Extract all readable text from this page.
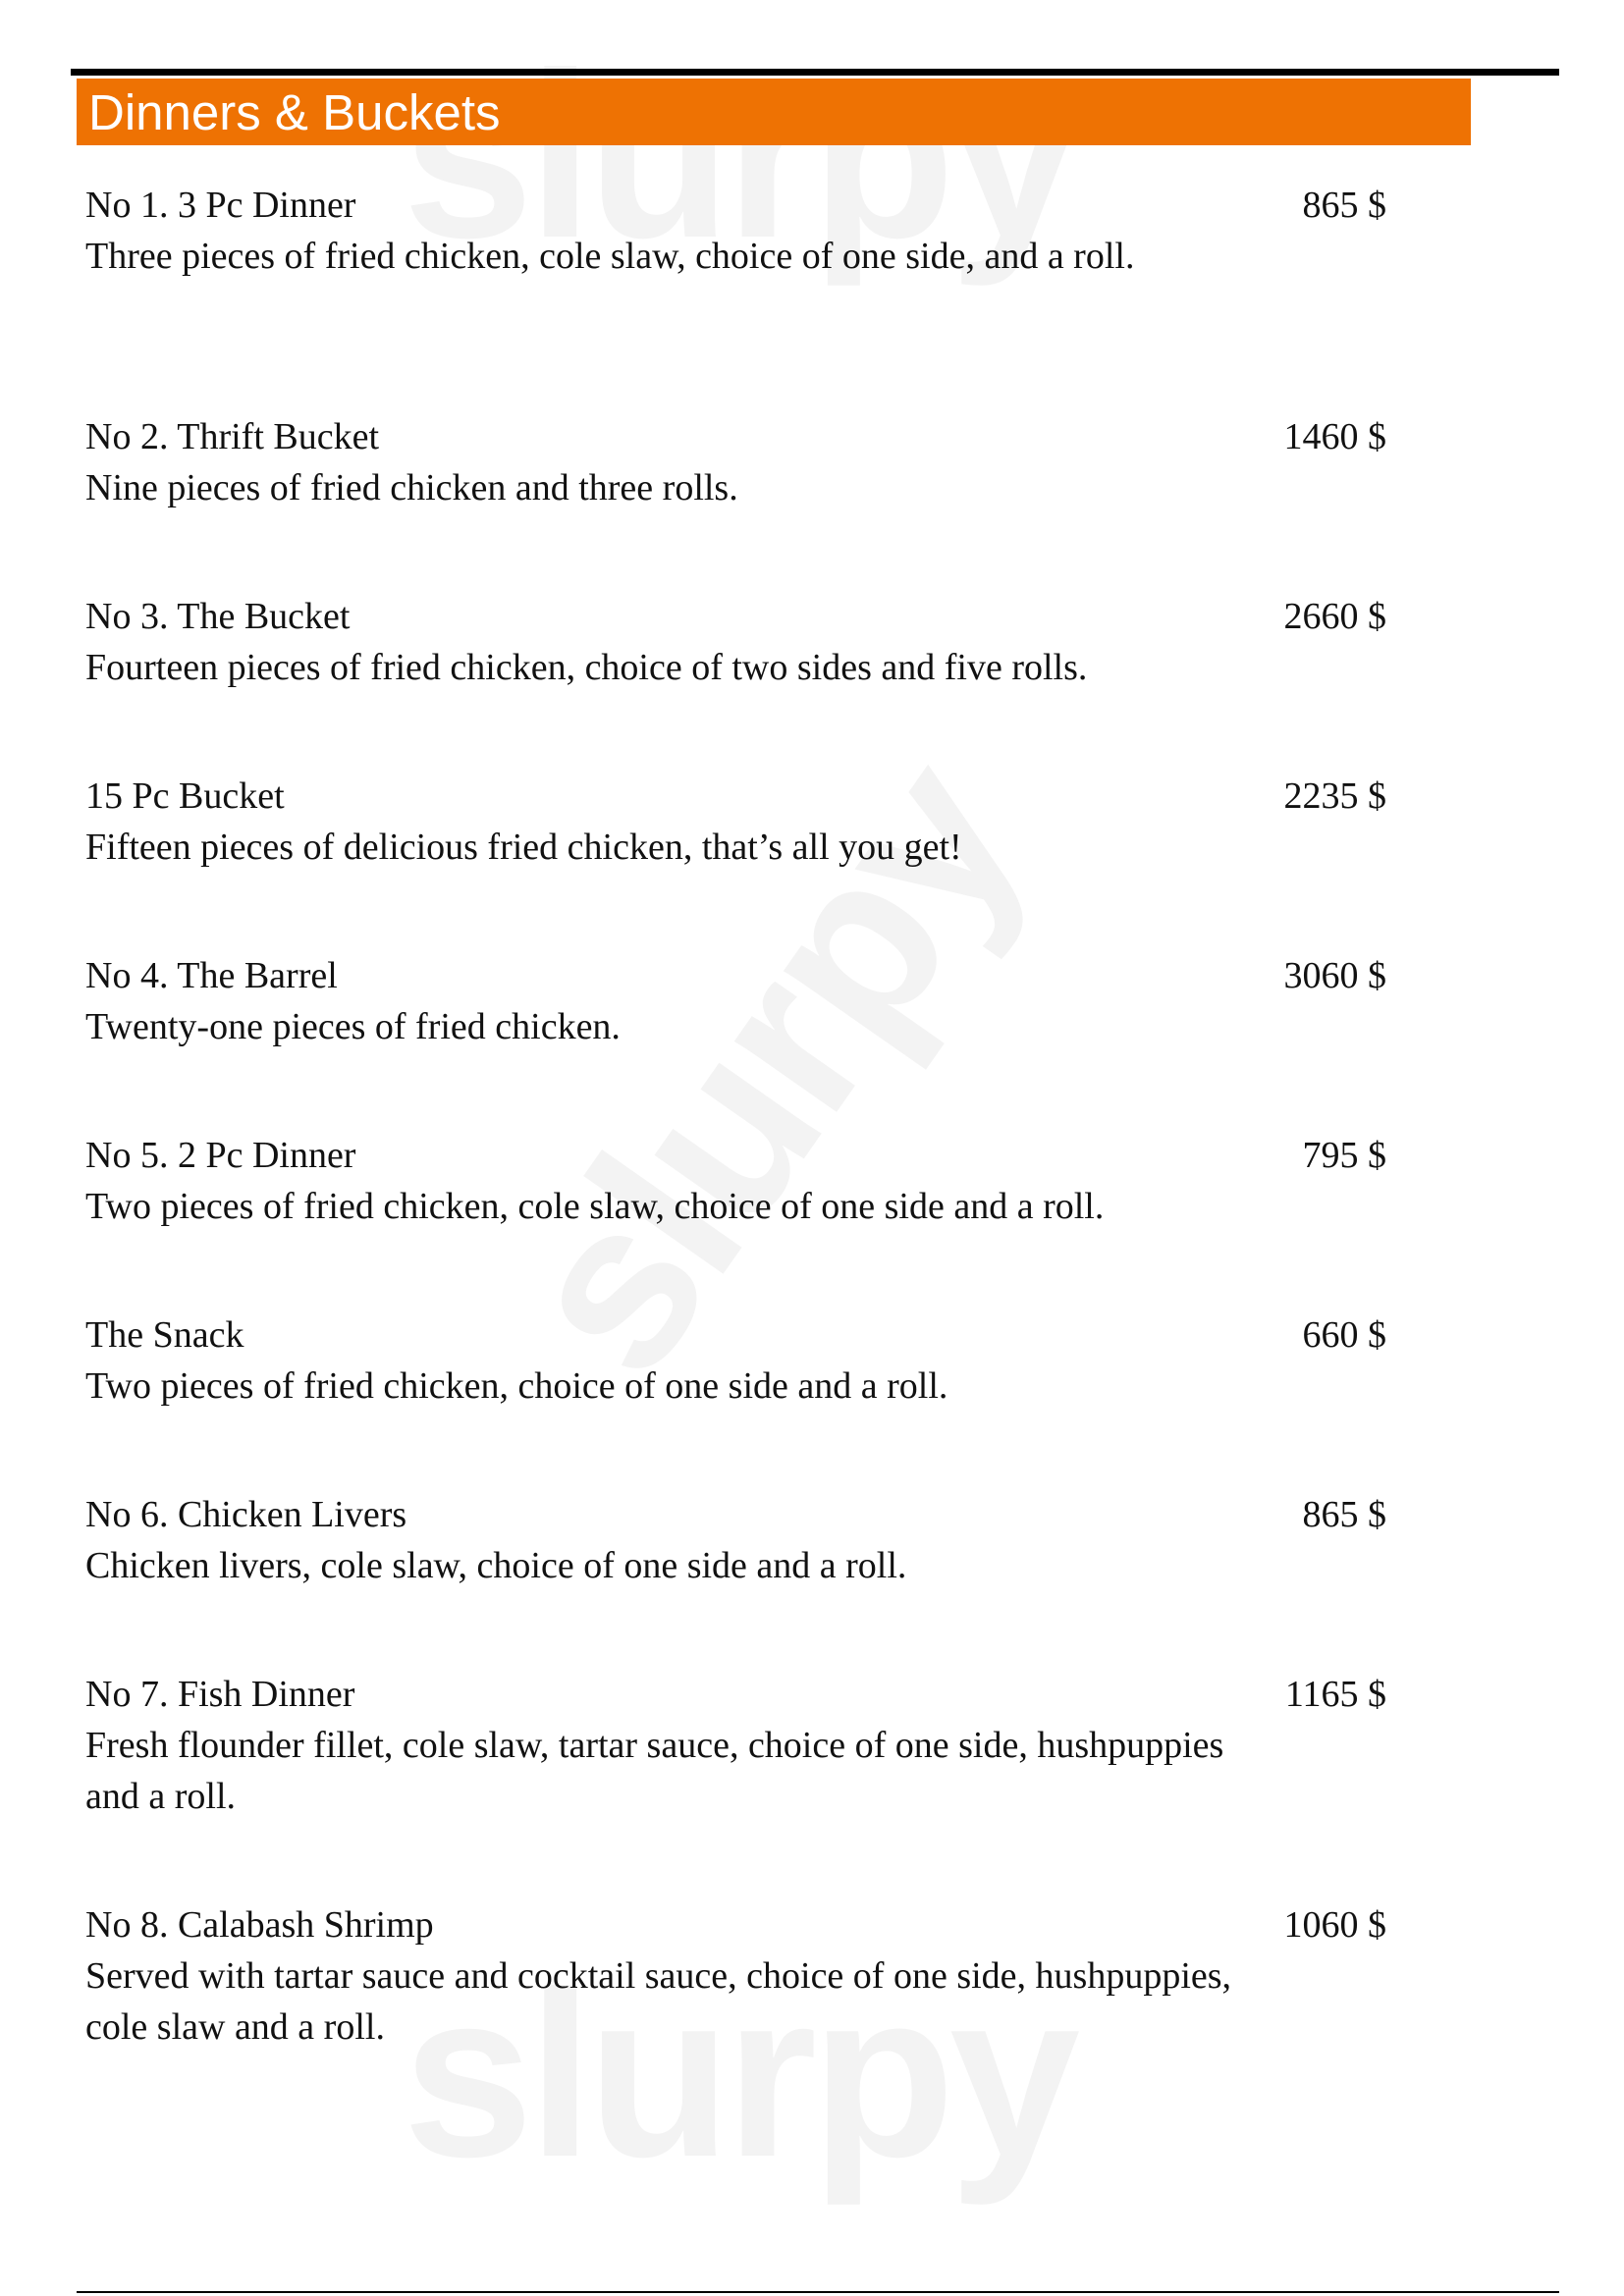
Dinners & Buckets

No 1. 3 Pc Dinner

Three pieces of fried chicken, cole slaw, choice of one side, and a roll.

865 $

No 2. Thrift Bucket

Nine pieces of fried chicken and three rolls.

1460 $

No 3. The Bucket

Fourteen pieces of fried chicken, choice of two sides and five rolls.

2660 $

15 Pc Bucket

Fifteen pieces of delicious fried chicken, that’s all you get!

2235 $

No 4. The Barrel

Twenty-one pieces of fried chicken.

3060 $

No 5. 2 Pc Dinner

Two pieces of fried chicken, cole slaw, choice of one side and a roll.

795 $

The Snack

Two pieces of fried chicken, choice of one side and a roll.

660 $

No 6. Chicken Livers

Chicken livers, cole slaw, choice of one side and a roll.

865 $

No 7. Fish Dinner

Fresh flounder fillet, cole slaw, tartar sauce, choice of one side, hushpuppies and a roll.

1165 $

No 8. Calabash Shrimp

Served with tartar sauce and cocktail sauce, choice of one side, hushpuppies, cole slaw and a roll.

1060 $
